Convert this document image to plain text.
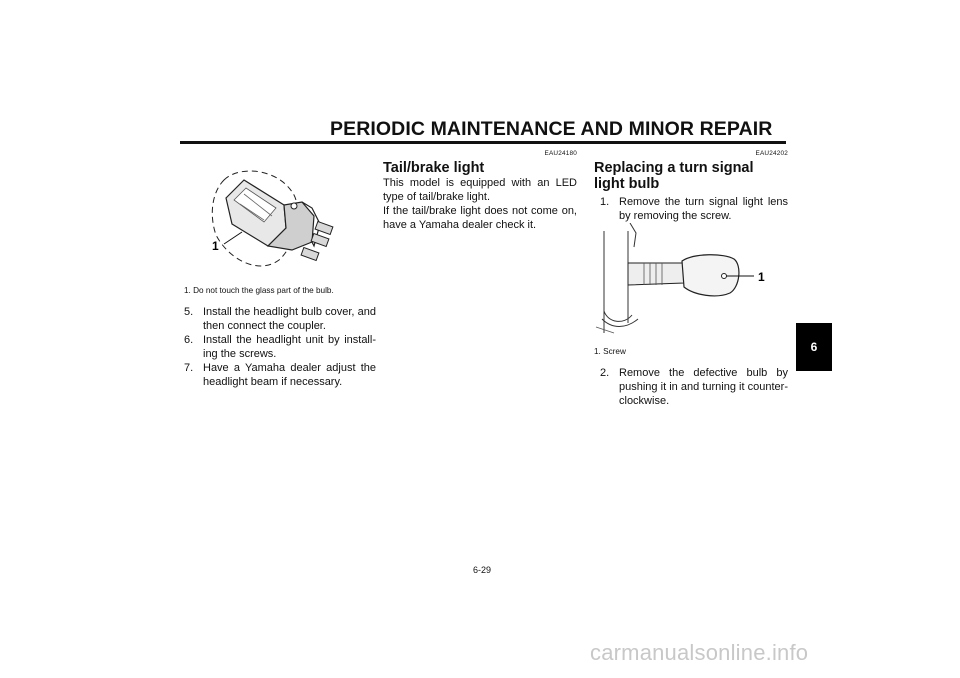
PERIODIC MAINTENANCE AND MINOR REPAIR
1
1. Do not touch the glass part of the bulb.
5. Install the headlight bulb cover, and then connect the coupler.
6. Install the headlight unit by install-ing the screws.
7. Have a Yamaha dealer adjust the headlight beam if necessary.
EAU24180
Tail/brake light
This model is equipped with an LED type of tail/brake light.
If the tail/brake light does not come on, have a Yamaha dealer check it.
EAU24202
Replacing a turn signal light bulb
1. Remove the turn signal light lens by removing the screw.
1
1. Screw
2. Remove the defective bulb by pushing it in and turning it counter-clockwise.
6
6-29
carmanualsonline.info
